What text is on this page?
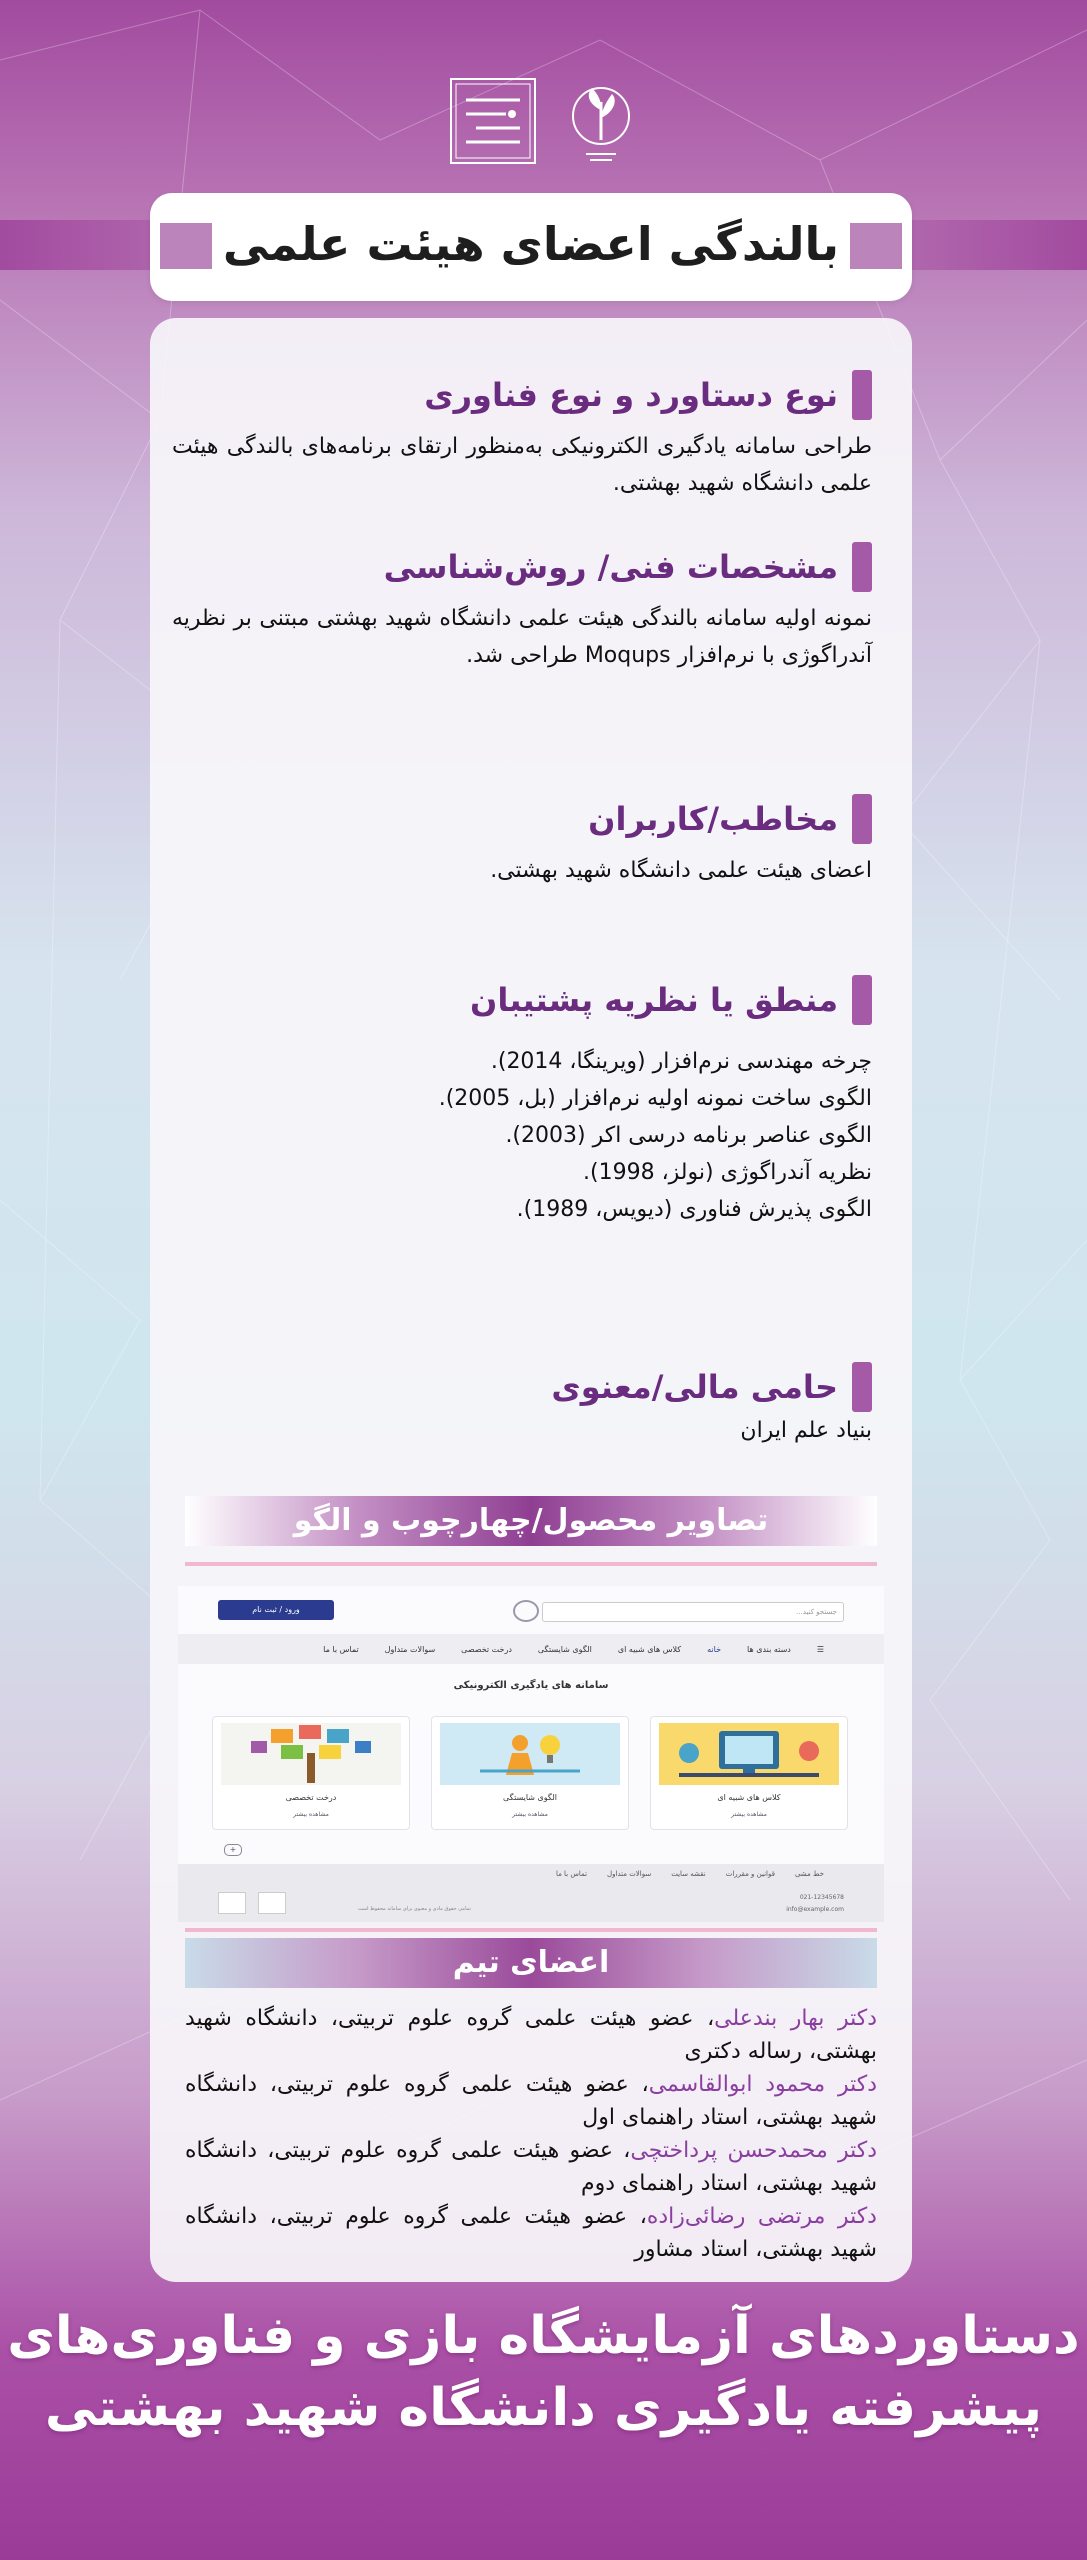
بالندگی اعضای هیئت علمی
نوع دستاورد و نوع فناوری

طراحی سامانه یادگیری الکترونیکی به‌منظور ارتقای برنامه‌های بالندگی هیئت علمی دانشگاه شهید بهشتی.

مشخصات فنی/ روش‌شناسی

نمونه اولیه سامانه بالندگی هیئت علمی دانشگاه شهید بهشتی مبتنی بر نظریه آندراگوژی با نرم‌افزار Moqups طراحی شد.

مخاطب/کاربران

اعضای هیئت علمی دانشگاه شهید بهشتی.

منطق یا نظریه پشتیبان
چرخه مهندسی نرم‌افزار (ویرینگا، 2014).
الگوی ساخت نمونه اولیه نرم‌افزار (بل، 2005).
الگوی عناصر برنامه درسی اکر (2003).
نظریه آندراگوژی (نولز، 1998).
الگوی پذیرش فناوری (دیویس، 1989).
حامی مالی/معنوی

بنیاد علم ایران

تصاویر محصول/چهارچوب و الگو
جستجو کنید...
ورود / ثبت نام
☰
دسته بندی ها
خانه
کلاس های شبیه ای
الگوی شایستگی
درخت تخصصی
سوالات متداول
تماس با ما
سامانه های یادگیری الکترونیکی
کلاس های شبیه ای
مشاهده بیشتر
الگوی شایستگی
مشاهده بیشتر
درخت تخصصی
مشاهده بیشتر
+
خط مشی
قوانین و مقررات
نقشه سایت
سوالات متداول
تماس با ما
021-12345678
info@example.com
تمامی حقوق مادی و معنوی برای سامانه محفوظ است
اعضای تیم
دکتر بهار بندعلی، عضو هیئت علمی گروه علوم تربیتی، دانشگاه شهید بهشتی، رساله دکتری
دکتر محمود ابوالقاسمی، عضو هیئت علمی گروه علوم تربیتی، دانشگاه شهید بهشتی، استاد راهنمای اول
دکتر محمدحسن پرداختچی، عضو هیئت علمی گروه علوم تربیتی، دانشگاه شهید بهشتی، استاد راهنمای دوم
دکتر مرتضی رضائی‌زاده، عضو هیئت علمی گروه علوم تربیتی، دانشگاه شهید بهشتی، استاد مشاور
دستاوردهای آزمایشگاه بازی و فناوری‌های
پیشرفته یادگیری دانشگاه شهید بهشتی
